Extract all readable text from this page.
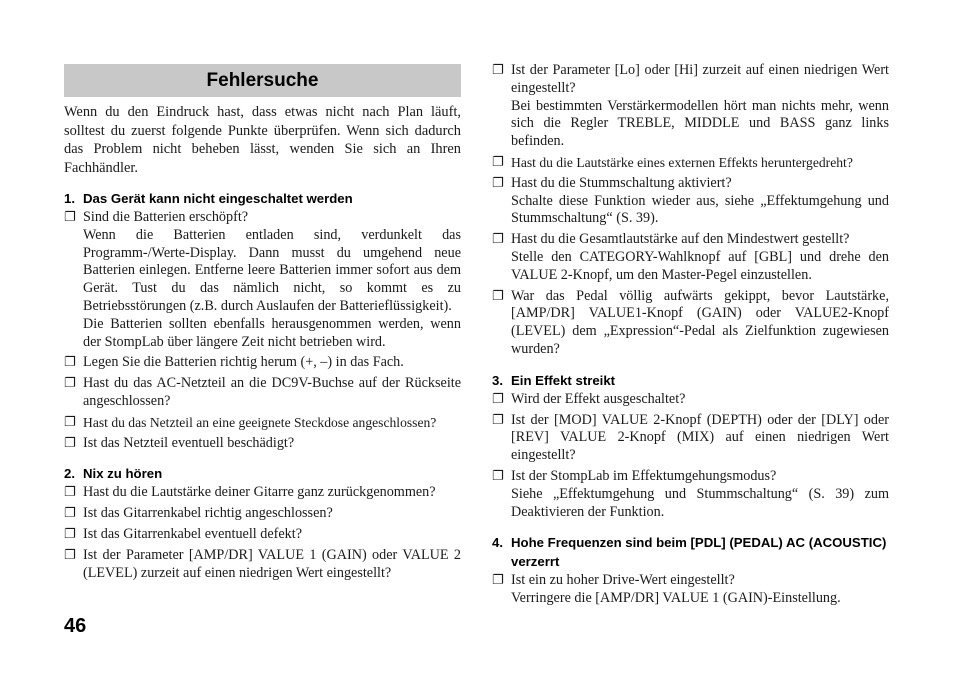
Fehlersuche

Wenn du den Eindruck hast, dass etwas nicht nach Plan läuft, solltest du zuerst folgende Punkte überprüfen. Wenn sich dadurch das Problem nicht beheben lässt, wenden Sie sich an Ihren Fachhändler.

1. Das Gerät kann nicht eingeschaltet werden
❐ Sind die Batterien erschöpft?
Wenn die Batterien entladen sind, verdunkelt das Programm-/Werte-Display. Dann musst du umgehend neue Batterien einlegen. Entferne leere Batterien immer sofort aus dem Gerät. Tust du das nämlich nicht, so kommt es zu Betriebsstörungen (z.B. durch Auslaufen der Batterieflüssigkeit).
Die Batterien sollten ebenfalls herausgenommen werden, wenn der StompLab über längere Zeit nicht betrieben wird.
❐ Legen Sie die Batterien richtig herum (+, –) in das Fach.
❐ Hast du das AC-Netzteil an die DC9V-Buchse auf der Rückseite angeschlossen?
❐ Hast du das Netzteil an eine geeignete Steckdose angeschlossen?
❐ Ist das Netzteil eventuell beschädigt?
2. Nix zu hören
❐ Hast du die Lautstärke deiner Gitarre ganz zurückgenommen?
❐ Ist das Gitarrenkabel richtig angeschlossen?
❐ Ist das Gitarrenkabel eventuell defekt?
❐ Ist der Parameter [AMP/DR] VALUE 1 (GAIN) oder VALUE 2 (LEVEL) zurzeit auf einen niedrigen Wert eingestellt?
❐ Ist der Parameter [Lo] oder [Hi] zurzeit auf einen niedrigen Wert eingestellt?
Bei bestimmten Verstärkermodellen hört man nichts mehr, wenn sich die Regler TREBLE, MIDDLE und BASS ganz links befinden.
❐ Hast du die Lautstärke eines externen Effekts heruntergedreht?
❐ Hast du die Stummschaltung aktiviert?
Schalte diese Funktion wieder aus, siehe „Effektumgehung und Stummschaltung“ (S. 39).
❐ Hast du die Gesamtlautstärke auf den Mindestwert gestellt?
Stelle den CATEGORY-Wahlknopf auf [GBL] und drehe den VALUE 2-Knopf, um den Master-Pegel einzustellen.
❐ War das Pedal völlig aufwärts gekippt, bevor Lautstärke, [AMP/DR] VALUE1-Knopf (GAIN) oder VALUE2-Knopf (LEVEL) dem „Expression“-Pedal als Zielfunktion zugewiesen wurden?
3. Ein Effekt streikt
❐ Wird der Effekt ausgeschaltet?
❐ Ist der [MOD] VALUE 2-Knopf (DEPTH) oder der [DLY] oder [REV] VALUE 2-Knopf (MIX) auf einen niedrigen Wert eingestellt?
❐ Ist der StompLab im Effektumgehungsmodus?
Siehe „Effektumgehung und Stummschaltung“ (S. 39) zum Deaktivieren der Funktion.
4. Hohe Frequenzen sind beim [PDL] (PEDAL) AC (ACOUSTIC) verzerrt
❐ Ist ein zu hoher Drive-Wert eingestellt?
Verringere die [AMP/DR] VALUE 1 (GAIN)-Einstellung.
46
